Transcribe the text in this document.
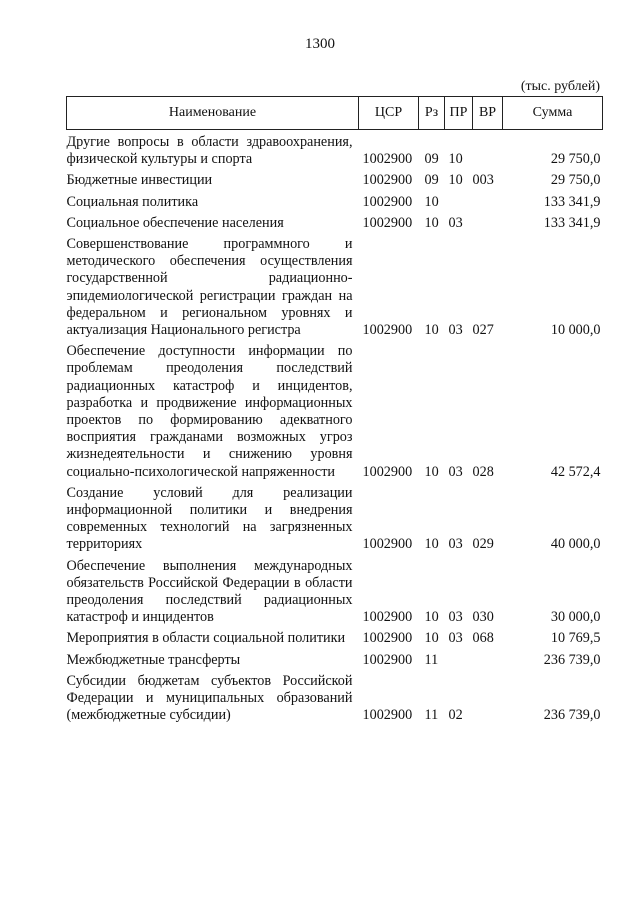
1300
(тыс. рублей)
Наименование	ЦСР	Рз	ПР	ВР	Сумма
Другие вопросы в области здравоохранения, физической культуры и спорта	1002900	09	10		29 750,0
Бюджетные инвестиции	1002900	09	10	003	29 750,0
Социальная политика	1002900	10			133 341,9
Социальное обеспечение населения	1002900	10	03		133 341,9
Совершенствование программного и методического обеспечения осуществления государственной радиационно-эпидемиологической регистрации граждан на федеральном и региональном уровнях и актуализация Национального регистра	1002900	10	03	027	10 000,0
Обеспечение доступности информации по проблемам преодоления последствий радиационных катастроф и инцидентов, разработка и продвижение информационных проектов по формированию адекватного восприятия гражданами возможных угроз жизнедеятельности и снижению уровня социально-психологической напряженности	1002900	10	03	028	42 572,4
Создание условий для реализации информационной политики и внедрения современных технологий на загрязненных территориях	1002900	10	03	029	40 000,0
Обеспечение выполнения международных обязательств Российской Федерации в области преодоления последствий радиационных катастроф и инцидентов	1002900	10	03	030	30 000,0
Мероприятия в области социальной политики	1002900	10	03	068	10 769,5
Межбюджетные трансферты	1002900	11			236 739,0
Субсидии бюджетам субъектов Российской Федерации и муниципальных образований (межбюджетные субсидии)	1002900	11	02		236 739,0
